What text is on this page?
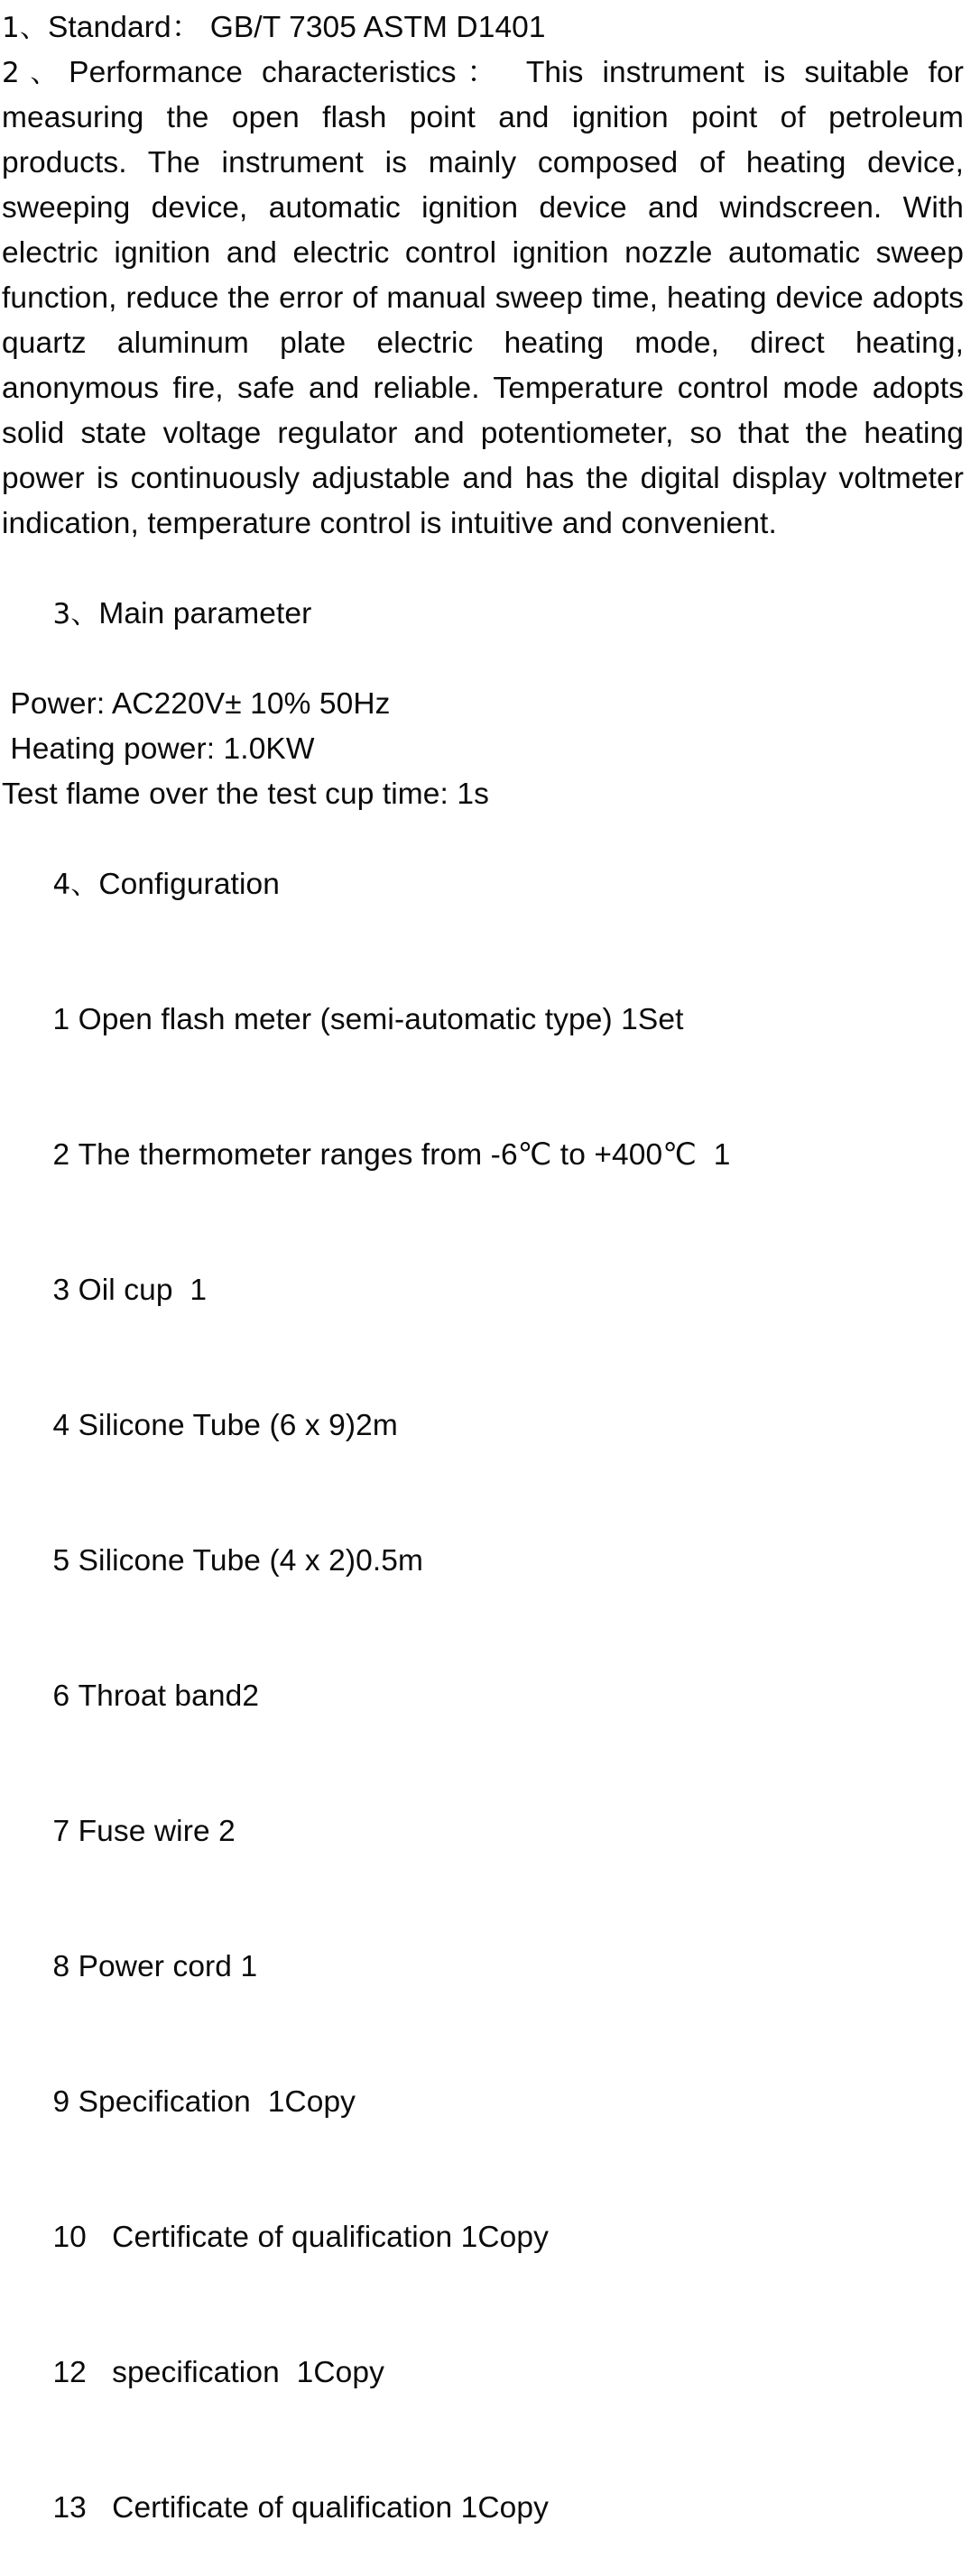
1、Standard： GB/T 7305 ASTM D1401

2、Performance characteristics： This instrument is suitable for measuring the open flash point and ignition point of petroleum products. The instrument is mainly composed of heating device, sweeping device, automatic ignition device and windscreen. With electric ignition and electric control ignition nozzle automatic sweep function, reduce the error of manual sweep time, heating device adopts quartz aluminum plate electric heating mode, direct heating, anonymous fire, safe and reliable. Temperature control mode adopts solid state voltage regulator and potentiometer, so that the heating power is continuously adjustable and has the digital display voltmeter indication, temperature control is intuitive and convenient.

3、Main parameter

Power: AC220V± 10% 50Hz

Heating power: 1.0KW

Test flame over the test cup time: 1s

4、Configuration

1 Open flash meter (semi-automatic type) 1Set

2 The thermometer ranges from -6℃ to +400℃ 1

3 Oil cup 1

4 Silicone Tube (6 x 9)2m

5 Silicone Tube (4 x 2)0.5m

6 Throat band2

7 Fuse wire 2

8 Power cord 1

9 Specification 1Copy

10 Certificate of qualification 1Copy

12 specification 1Copy

13 Certificate of qualification 1Copy
